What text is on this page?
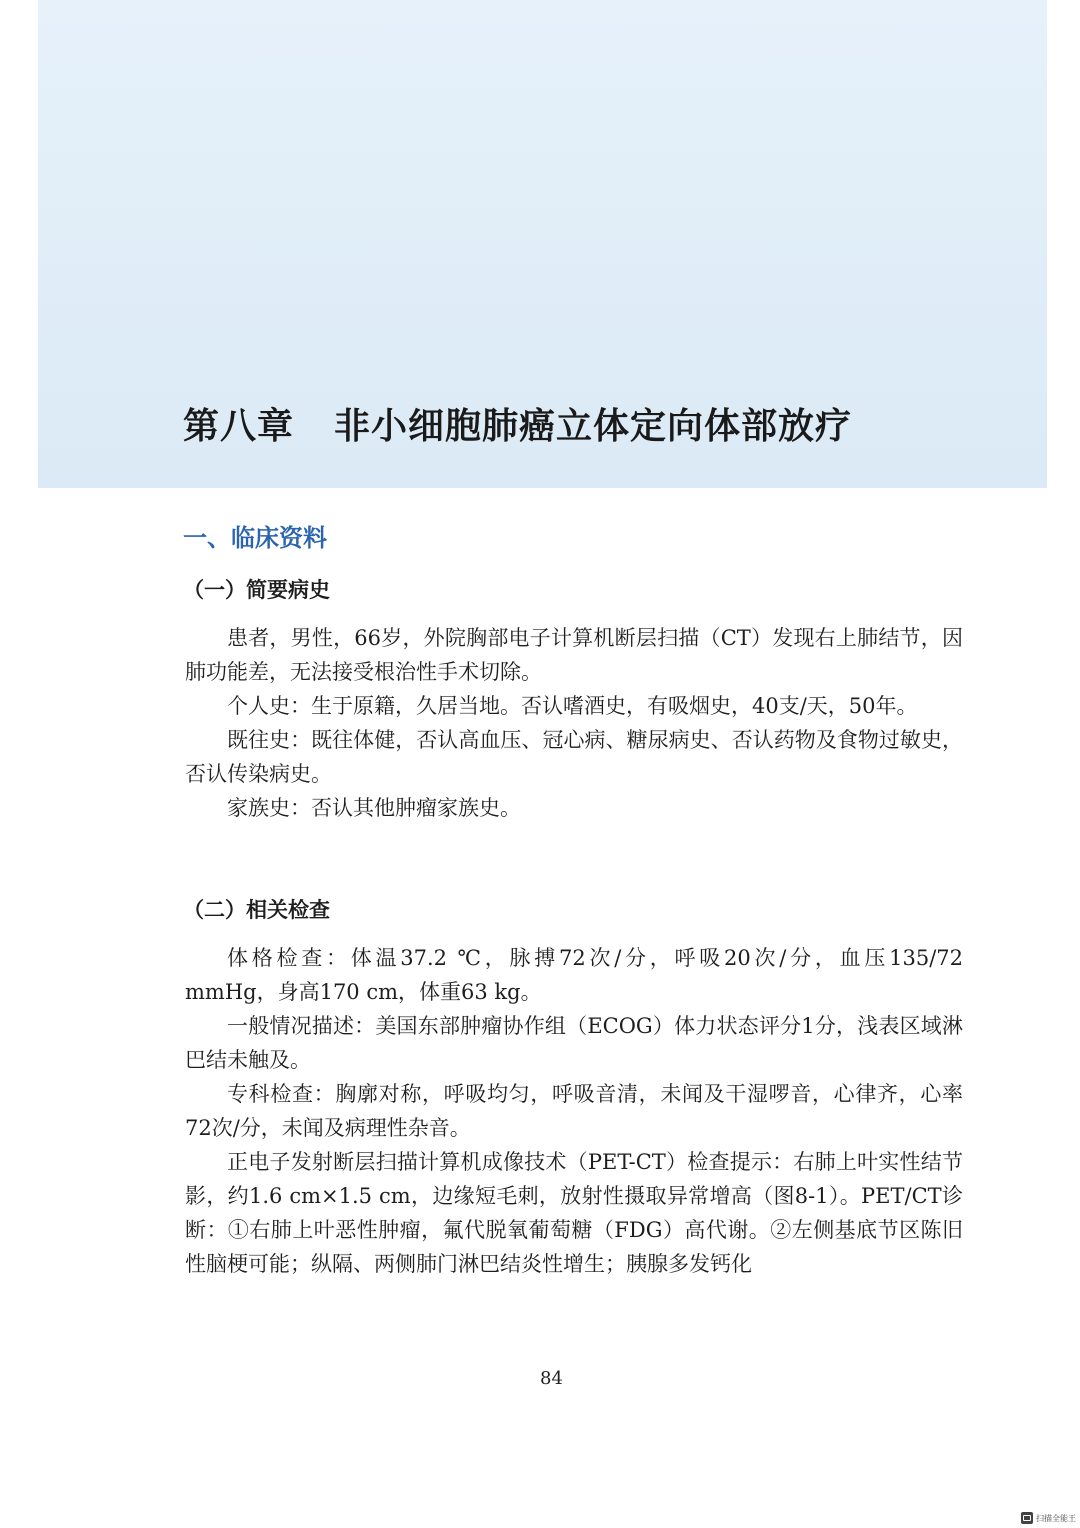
第八章 非小细胞肺癌立体定向体部放疗
一、临床资料
（一）简要病史

患者，男性，66岁，外院胸部电子计算机断层扫描（CT）发现右上肺结节，因肺功能差，无法接受根治性手术切除。

个人史：生于原籍，久居当地。否认嗜酒史，有吸烟史，40支/天，50年。

既往史：既往体健，否认高血压、冠心病、糖尿病史、否认药物及食物过敏史，否认传染病史。

家族史：否认其他肿瘤家族史。

（二）相关检查

体格检查：体温37.2 ℃，脉搏72次/分，呼吸20次/分，血压135/72 mmHg，身高170 cm，体重63 kg。

一般情况描述：美国东部肿瘤协作组（ECOG）体力状态评分1分，浅表区域淋巴结未触及。

专科检查：胸廓对称，呼吸均匀，呼吸音清，未闻及干湿啰音，心律齐，心率72次/分，未闻及病理性杂音。

正电子发射断层扫描计算机成像技术（PET-CT）检查提示：右肺上叶实性结节影，约1.6 cm×1.5 cm，边缘短毛刺，放射性摄取异常增高（图8-1）。PET/CT诊断：①右肺上叶恶性肿瘤，氟代脱氧葡萄糖（FDG）高代谢。②左侧基底节区陈旧性脑梗可能；纵隔、两侧肺门淋巴结炎性增生；胰腺多发钙化

84
扫描全能王
